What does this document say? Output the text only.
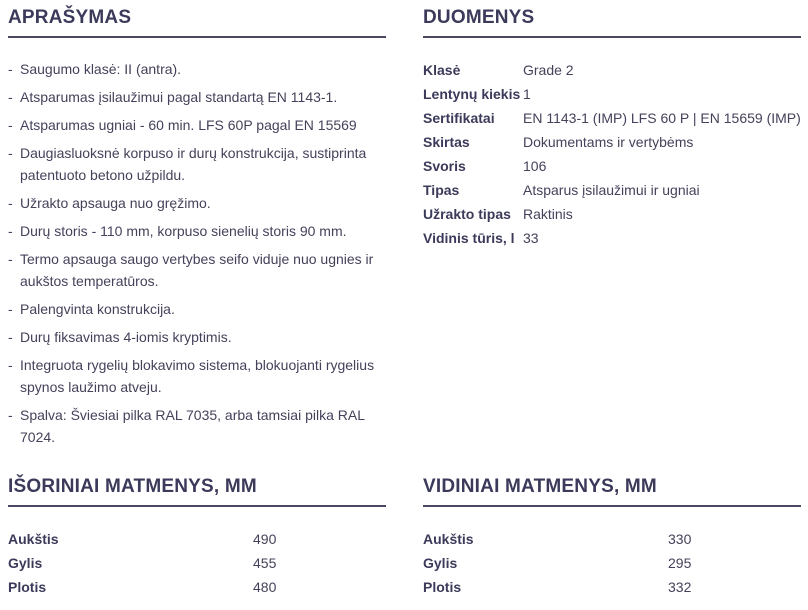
APRAŠYMAS
- Saugumo klasė: II (antra).
- Atsparumas įsilaužimui pagal standartą EN 1143-1.
- Atsparumas ugniai - 60 min. LFS 60P pagal EN 15569
- Daugiasluoksnė korpuso ir durų konstrukcija, sustiprinta patentuoto betono užpildu.
- Užrakto apsauga nuo gręžimo.
- Durų storis - 110 mm, korpuso sienelių storis 90 mm.
- Termo apsauga saugo vertybes seifo viduje nuo ugnies ir aukštos temperatūros.
- Palengvinta konstrukcija.
- Durų fiksavimas 4-iomis kryptimis.
- Integruota rygelių blokavimo sistema, blokuojanti rygelius spynos laužimo atveju.
- Spalva: Šviesiai pilka RAL 7035, arba tamsiai pilka RAL 7024.
DUOMENYS
Klasė	Grade 2
Lentynų kiekis	1
Sertifikatai	EN 1143-1 (IMP) LFS 60 P | EN 15659 (IMP)
Skirtas	Dokumentams ir vertybėms
Svoris	106
Tipas	Atsparus įsilaužimui ir ugniai
Užrakto tipas	Raktinis
Vidinis tūris, l	33
IŠORINIAI MATMENYS, MM
Aukštis	490
Gylis	455
Plotis	480
VIDINIAI MATMENYS, MM
Aukštis	330
Gylis	295
Plotis	332
